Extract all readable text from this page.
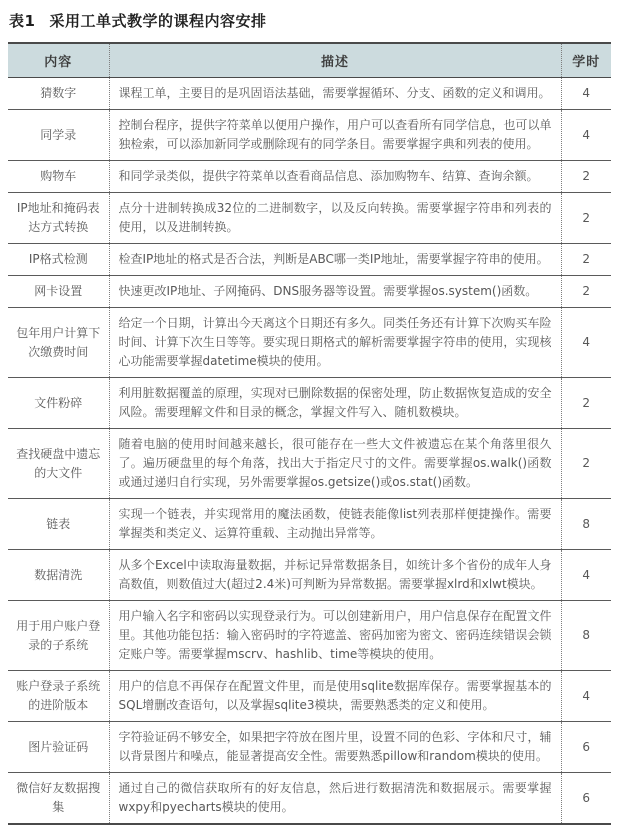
表1 采用工单式教学的课程内容安排
内容	描述	学时
猜数字	课程工单，主要目的是巩固语法基础，需要掌握循环、分支、函数的定义和调用。	4
同学录	控制台程序，提供字符菜单以便用户操作，用户可以查看所有同学信息，也可以单独检索，可以添加新同学或删除现有的同学条目。需要掌握字典和列表的使用。	4
购物车	和同学录类似，提供字符菜单以查看商品信息、添加购物车、结算、查询余额。	2
IP地址和掩码表达方式转换	点分十进制转换成32位的二进制数字，以及反向转换。需要掌握字符串和列表的使用，以及进制转换。	2
IP格式检测	检查IP地址的格式是否合法，判断是ABC哪一类IP地址，需要掌握字符串的使用。	2
网卡设置	快速更改IP地址、子网掩码、DNS服务器等设置。需要掌握os.system()函数。	2
包年用户计算下次缴费时间	给定一个日期，计算出今天离这个日期还有多久。同类任务还有计算下次购买车险时间、计算下次生日等等。要实现日期格式的解析需要掌握字符串的使用，实现核心功能需要掌握datetime模块的使用。	4
文件粉碎	利用脏数据覆盖的原理，实现对已删除数据的保密处理，防止数据恢复造成的安全风险。需要理解文件和目录的概念，掌握文件写入、随机数模块。	2
查找硬盘中遗忘的大文件	随着电脑的使用时间越来越长，很可能存在一些大文件被遗忘在某个角落里很久了。遍历硬盘里的每个角落，找出大于指定尺寸的文件。需要掌握os.walk()函数或通过递归自行实现，另外需要掌握os.getsize()或os.stat()函数。	2
链表	实现一个链表，并实现常用的魔法函数，使链表能像list列表那样便捷操作。需要掌握类和类定义、运算符重载、主动抛出异常等。	8
数据清洗	从多个Excel中读取海量数据，并标记异常数据条目，如统计多个省份的成年人身高数值，则数值过大(超过2.4米)可判断为异常数据。需要掌握xlrd和xlwt模块。	4
用于用户账户登录的子系统	用户输入名字和密码以实现登录行为。可以创建新用户，用户信息保存在配置文件里。其他功能包括：输入密码时的字符遮盖、密码加密为密文、密码连续错误会锁定账户等。需要掌握mscrv、hashlib、time等模块的使用。	8
账户登录子系统的进阶版本	用户的信息不再保存在配置文件里，而是使用sqlite数据库保存。需要掌握基本的SQL增删改查语句，以及掌握sqlite3模块，需要熟悉类的定义和使用。	4
图片验证码	字符验证码不够安全，如果把字符放在图片里，设置不同的色彩、字体和尺寸，辅以背景图片和噪点，能显著提高安全性。需要熟悉pillow和random模块的使用。	6
微信好友数据搜集	通过自己的微信获取所有的好友信息，然后进行数据清洗和数据展示。需要掌握wxpy和pyecharts模块的使用。	6
